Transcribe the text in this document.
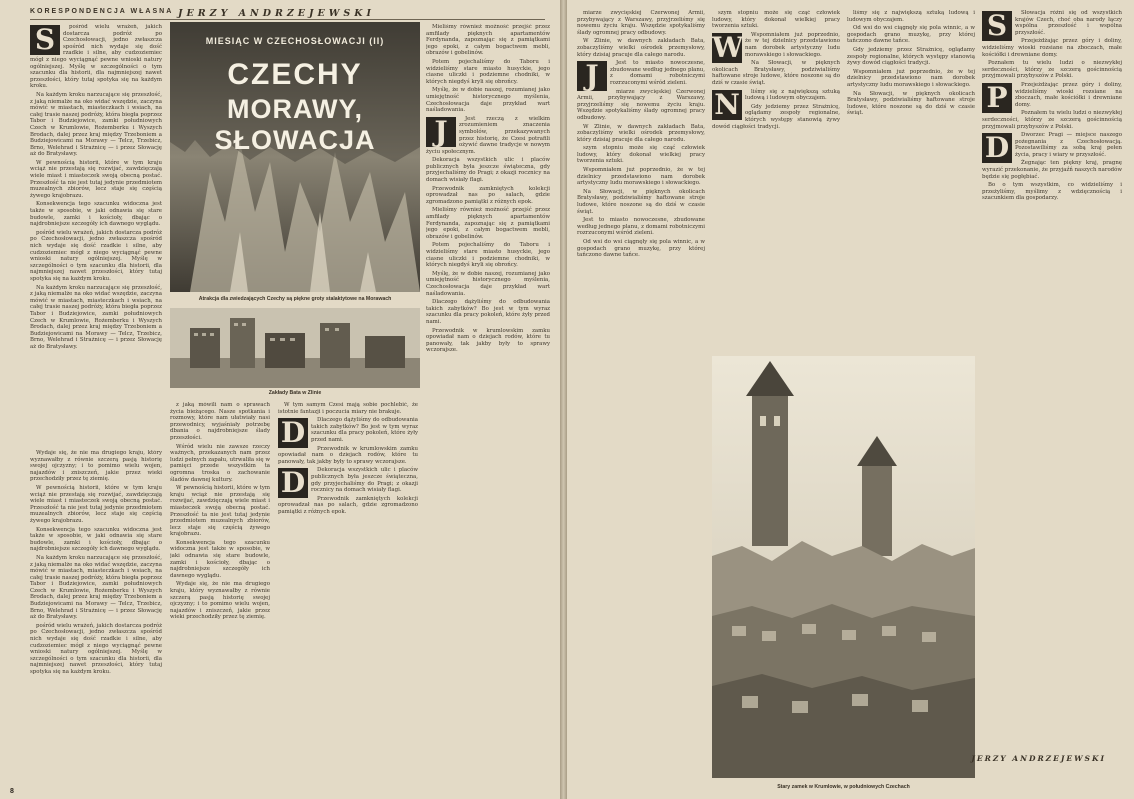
KORESPONDENCJA WŁASNA JERZY ANDRZEJEWSKI
S	pośród wielu wrażeń, jakich dostarcza podróż po Czechosłowacji, jedno zwłaszcza spośród nich wydaje się dość rzadkie i silne, aby cudzoziemiec mógł z niego wyciągnąć pewne wnioski natury ogólniejszej. Myślę w szczególności o tym szacunku dla historii, dla najmniejszej nawet przeszłości, który tutaj spotyka się na każdym kroku.

Na każdym kroku narzucające się przeszłość, z jaką niemalże na oko widać wszędzie, zaczyna mówić w miastach, miasteczkach i wsiach, na całej trasie naszej podróży, która biegła poprzez Tabor i Budziejowice, zamki południowych Czech w Krumlowie, Rożemberku i Wyszych Brodach, dalej przez kraj między Trzeboniem a Budziejowicami na Morawy — Telcz, Trzebicz, Brno, Welehrad i Strażnicę — i przez Słowację aż do Bratysławy.

W pewnością historii, które w tym kraju wciąż nie przestają się rozwijać, zawdzięczają wiele miast i miasteczek swoją obecną postać. Przeszłość ta nie jest tutaj jedynie przedmiotem muzealnych zbiorów, lecz staje się częścią żywego krajobrazu.

Konsekwencja tego szacunku widoczna jest także w sposobie, w jaki odnawia się stare budowle, zamki i kościoły, dbając o najdrobniejsze szczegóły ich dawnego wyglądu.

pośród wielu wrażeń, jakich dostarcza podróż po Czechosłowacji, jedno zwłaszcza spośród nich wydaje się dość rzadkie i silne, aby cudzoziemiec mógł z niego wyciągnąć pewne wnioski natury ogólniejszej. Myślę w szczególności o tym szacunku dla historii, dla najmniejszej nawet przeszłości, który tutaj spotyka się na każdym kroku.

Na każdym kroku narzucające się przeszłość, z jaką niemalże na oko widać wszędzie, zaczyna mówić w miastach, miasteczkach i wsiach, na całej trasie naszej podróży, która biegła poprzez Tabor i Budziejowice, zamki południowych Czech w Krumlowie, Rożemberku i Wyszych Brodach, dalej przez kraj między Trzeboniem a Budziejowicami na Morawy — Telcz, Trzebicz, Brno, Welehrad i Strażnicę — i przez Słowację aż do Bratysławy.

Wydaje się, że nie ma drugiego kraju, który wyznawałby z równie szczerą pasją historię swojej ojczyzny; i to pomimo wielu wojen, najazdów i zniszczeń, jakie przez wieki przechodziły przez tę ziemię.

W pewnością historii, które w tym kraju wciąż nie przestają się rozwijać, zawdzięczają wiele miast i miasteczek swoją obecną postać. Przeszłość ta nie jest tutaj jedynie przedmiotem muzealnych zbiorów, lecz staje się częścią żywego krajobrazu.

Konsekwencja tego szacunku widoczna jest także w sposobie, w jaki odnawia się stare budowle, zamki i kościoły, dbając o najdrobniejsze szczegóły ich dawnego wyglądu.

Na każdym kroku narzucające się przeszłość, z jaką niemalże na oko widać wszędzie, zaczyna mówić w miastach, miasteczkach i wsiach, na całej trasie naszej podróży, która biegła poprzez Tabor i Budziejowice, zamki południowych Czech w Krumlowie, Rożemberku i Wyszych Brodach, dalej przez kraj między Trzeboniem a Budziejowicami na Morawy — Telcz, Trzebicz, Brno, Welehrad i Strażnicę — i przez Słowację aż do Bratysławy.

pośród wielu wrażeń, jakich dostarcza podróż po Czechosłowacji, jedno zwłaszcza spośród nich wydaje się dość rzadkie i silne, aby cudzoziemiec mógł z niego wyciągnąć pewne wnioski natury ogólniejszej. Myślę w szczególności o tym szacunku dla historii, dla najmniejszej nawet przeszłości, który tutaj spotyka się na każdym kroku.

MIESIĄC W CZECHOSŁOWACJI (II)
CZECHY
MORAWY, SŁOWACJA
Atrakcja dla zwiedzających Czechy są piękne groty stalaktytowe na Morawach
Zakłady Bata w Zlinie

z jaką mówili nam o sprawach życia bieżącego. Nasze spotkania i rozmowy, które nam ułatwiały nasi przewodnicy, wyjaśniały potrzebę dbania o najdrobniejsze ślady przeszłości.

Wśród wielu nie zawsze rzeczy ważnych, przekazanych nam przez ludzi pełnych zapału, utrwaliła się w pamięci przede wszystkim ta ogromna troska o zachowanie śladów dawnej kultury.

W pewnością historii, które w tym kraju wciąż nie przestają się rozwijać, zawdzięczają wiele miast i miasteczek swoją obecną postać. Przeszłość ta nie jest tutaj jedynie przedmiotem muzealnych zbiorów, lecz staje się częścią żywego krajobrazu.

Konsekwencja tego szacunku widoczna jest także w sposobie, w jaki odnawia się stare budowle, zamki i kościoły, dbając o najdrobniejsze szczegóły ich dawnego wyglądu.

Wydaje się, że nie ma drugiego kraju, który wyznawałby z równie szczerą pasją historię swojej ojczyzny; i to pomimo wielu wojen, najazdów i zniszczeń, jakie przez wieki przechodziły przez tę ziemię.

W tym samym Czesi mają sobie pochlebić, że istotnie fantazji i poczucia miary nie brakuje.

D	Dlaczego dążyliśmy do odbudowania takich zabytków? Bo jest w tym wyraz szacunku dla pracy pokoleń, które żyły przed nami.

Przewodnik w krumlowskim zamku opowiadał nam o dziejach rodów, które tu panowały, tak jakby były to sprawy wczorajsze.

D	Dekoracja wszystkich ulic i placów publicznych była jeszcze świąteczna, gdy przyjechaliśmy do Pragi; z okazji rocznicy na domach wisiały flagi.

Przewodnik zamkniętych kolekcji oprowadzał nas po salach, gdzie zgromadzono pamiątki z różnych epok.

Mieliśmy również możność przejść przez amfilady pięknych apartamentów Ferdynanda, zapoznając się z pamiątkami jego epoki, z całym bogactwem mebli, obrazów i gobelinów.

Potem pojechaliśmy do Taboru i widzieliśmy stare miasto husyckie, jego ciasne uliczki i podziemne chodniki, w których niegdyś kryli się obrońcy.

Myślę, że w dobie naszej, rozumianej jako umiejętność historycznego myślenia, Czechosłowacja daje przykład wart naśladowania.

J	Jest rzeczą z wielkim zrozumieniem znaczenia symbolów, przekazywanych przez historię, że Czesi potrafili ożywić dawne tradycje w nowym życiu społecznym.

Dekoracja wszystkich ulic i placów publicznych była jeszcze świąteczna, gdy przyjechaliśmy do Pragi; z okazji rocznicy na domach wisiały flagi.

Przewodnik zamkniętych kolekcji oprowadzał nas po salach, gdzie zgromadzono pamiątki z różnych epok.

Mieliśmy również możność przejść przez amfilady pięknych apartamentów Ferdynanda, zapoznając się z pamiątkami jego epoki, z całym bogactwem mebli, obrazów i gobelinów.

Potem pojechaliśmy do Taboru i widzieliśmy stare miasto husyckie, jego ciasne uliczki i podziemne chodniki, w których niegdyś kryli się obrońcy.

Myślę, że w dobie naszej, rozumianej jako umiejętność historycznego myślenia, Czechosłowacja daje przykład wart naśladowania.

Dlaczego dążyliśmy do odbudowania takich zabytków? Bo jest w tym wyraz szacunku dla pracy pokoleń, które żyły przed nami.

Przewodnik w krumlowskim zamku opowiadał nam o dziejach rodów, które tu panowały, tak jakby były to sprawy wczorajsze.

8

miarze zwycięskiej Czerwonej Armii, przybywający z Warszawy, przyjrzeliśmy się nowemu życiu kraju. Wszędzie spotykaliśmy ślady ogromnej pracy odbudowy.

W Zlinie, w dawnych zakładach Bata, zobaczyliśmy wielki ośrodek przemysłowy, który dzisiaj pracuje dla całego narodu.

J	Jest to miasto nowoczesne, zbudowane według jednego planu, z domami robotniczymi rozrzuconymi wśród zieleni.

miarze zwycięskiej Czerwonej Armii, przybywający z Warszawy, przyjrzeliśmy się nowemu życiu kraju. Wszędzie spotykaliśmy ślady ogromnej pracy odbudowy.

W Zlinie, w dawnych zakładach Bata, zobaczyliśmy wielki ośrodek przemysłowy, który dzisiaj pracuje dla całego narodu.

szym stopniu może się cząć człowiek ludowy, który dokonał wielkiej pracy tworzenia sztuki.

Wspomniałem już poprzednio, że w tej dzielnicy przedstawiono nam dorobek artystyczny ludu morawskiego i słowackiego.

Na Słowacji, w pięknych okolicach Bratysławy, podziwialiśmy haftowane stroje ludowe, które noszone są do dziś w czasie świąt.

Jest to miasto nowoczesne, zbudowane według jednego planu, z domami robotniczymi rozrzuconymi wśród zieleni.

Od wsi do wsi ciągnęły się pola winnic, a w gospodach grano muzykę, przy której tańczono dawne tańce.

szym stopniu może się cząć człowiek ludowy, który dokonał wielkiej pracy tworzenia sztuki.

W	Wspomniałem już poprzednio, że w tej dzielnicy przedstawiono nam dorobek artystyczny ludu morawskiego i słowackiego.

Na Słowacji, w pięknych okolicach Bratysławy, podziwialiśmy haftowane stroje ludowe, które noszone są do dziś w czasie świąt.

N	liśmy się z największą sztuką ludową i ludowym obyczajem.

Gdy jedziemy przez Strażnicę, oglądamy zespoły regionalne, których występy stanowią żywy dowód ciągłości tradycji.

liśmy się z największą sztuką ludową i ludowym obyczajem.

Od wsi do wsi ciągnęły się pola winnic, a w gospodach grano muzykę, przy której tańczono dawne tańce.

Gdy jedziemy przez Strażnicę, oglądamy zespoły regionalne, których występy stanowią żywy dowód ciągłości tradycji.

Wspomniałem już poprzednio, że w tej dzielnicy przedstawiono nam dorobek artystyczny ludu morawskiego i słowackiego.

Na Słowacji, w pięknych okolicach Bratysławy, podziwialiśmy haftowane stroje ludowe, które noszone są do dziś w czasie świąt.

Stary zamek w Krumlowie, w południowych Czechach
S	Słowacja różni się od wszystkich krajów Czech, choć oba narody łączy wspólna przeszłość i wspólna przyszłość.

Przejeżdżając przez góry i doliny, widzieliśmy wioski rozsiane na zboczach, małe kościółki i drewniane domy.

Poznałem tu wielu ludzi o niezwykłej serdeczności, którzy ze szczerą gościnnością przyjmowali przybyszów z Polski.

P	Przejeżdżając przez góry i doliny, widzieliśmy wioski rozsiane na zboczach, małe kościółki i drewniane domy.

Poznałem tu wielu ludzi o niezwykłej serdeczności, którzy ze szczerą gościnnością przyjmowali przybyszów z Polski.

D	Dworzec Pragi — miejsce naszego pożegnania z Czechosłowacją. Pozostawiliśmy za sobą kraj pełen życia, pracy i wiary w przyszłość.

Żegnając ten piękny kraj, pragnę wyrazić przekonanie, że przyjaźń naszych narodów będzie się pogłębiać.

Bo o tym wszystkim, co widzieliśmy i przeżyliśmy, myślimy z wdzięcznością i szacunkiem dla gospodarzy.

JERZY ANDRZEJEWSKI
